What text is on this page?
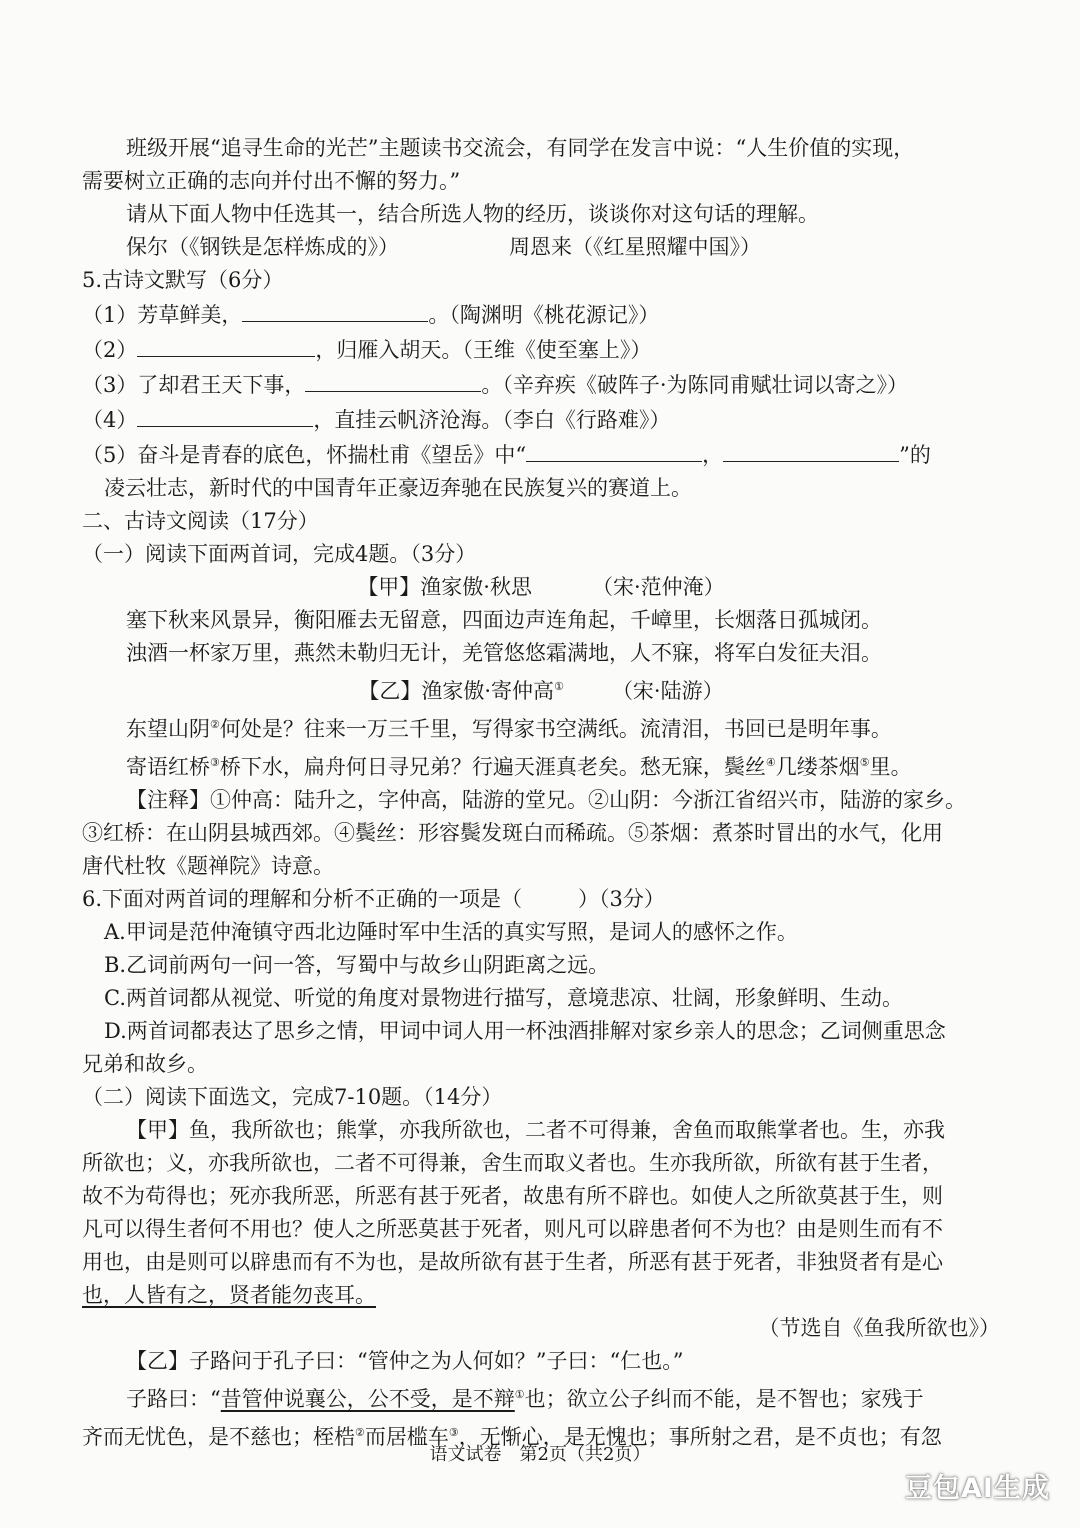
班级开展“追寻生命的光芒”主题读书交流会，有同学在发言中说：“人生价值的实现，
需要树立正确的志向并付出不懈的努力。”
请从下面人物中任选其一，结合所选人物的经历，谈谈你对这句话的理解。
保尔（《钢铁是怎样炼成的》）	周恩来（《红星照耀中国》）
5.古诗文默写（6分）
（1）芳草鲜美，	。（陶渊明《桃花源记》）
（2）	，归雁入胡天。（王维《使至塞上》）
（3）了却君王天下事，	。（辛弃疾《破阵子·为陈同甫赋壮词以寄之》）
（4）	，直挂云帆济沧海。（李白《行路难》）
（5）奋斗是青春的底色，怀揣杜甫《望岳》中“	，	”的
凌云壮志，新时代的中国青年正豪迈奔驰在民族复兴的赛道上。
二、古诗文阅读（17分）
（一）阅读下面两首词，完成4题。（3分）
【甲】渔家傲·秋思	（宋·范仲淹）
塞下秋来风景异，衡阳雁去无留意，四面边声连角起，千嶂里，长烟落日孤城闭。
浊酒一杯家万里，燕然未勒归无计，羌管悠悠霜满地，人不寐，将军白发征夫泪。
【乙】渔家傲·寄仲高① （宋·陆游）
东望山阴②何处是？往来一万三千里，写得家书空满纸。流清泪，书回已是明年事。
寄语红桥③桥下水，扁舟何日寻兄弟？行遍天涯真老矣。愁无寐，鬓丝④几缕茶烟⑤里。
【注释】①仲高：陆升之，字仲高，陆游的堂兄。②山阴：今浙江省绍兴市，陆游的家乡。
③红桥：在山阴县城西郊。④鬓丝：形容鬓发斑白而稀疏。⑤茶烟：煮茶时冒出的水气，化用
唐代杜牧《题禅院》诗意。
6.下面对两首词的理解和分析不正确的一项是（	）（3分）
A.甲词是范仲淹镇守西北边陲时军中生活的真实写照，是词人的感怀之作。
B.乙词前两句一问一答，写蜀中与故乡山阴距离之远。
C.两首词都从视觉、听觉的角度对景物进行描写，意境悲凉、壮阔，形象鲜明、生动。
D.两首词都表达了思乡之情，甲词中词人用一杯浊酒排解对家乡亲人的思念；乙词侧重思念
兄弟和故乡。
（二）阅读下面选文，完成7-10题。（14分）
【甲】鱼，我所欲也；熊掌，亦我所欲也，二者不可得兼，舍鱼而取熊掌者也。生，亦我
所欲也；义，亦我所欲也，二者不可得兼，舍生而取义者也。生亦我所欲，所欲有甚于生者，
故不为苟得也；死亦我所恶，所恶有甚于死者，故患有所不辟也。如使人之所欲莫甚于生，则
凡可以得生者何不用也？使人之所恶莫甚于死者，则凡可以辟患者何不为也？由是则生而有不
用也，由是则可以辟患而有不为也，是故所欲有甚于生者，所恶有甚于死者，非独贤者有是心
也，人皆有之，贤者能勿丧耳。
（节选自《鱼我所欲也》）
【乙】子路问于孔子曰：“管仲之为人何如？”子曰：“仁也。”
子路曰：“昔管仲说襄公，公不受，是不辩①也；欲立公子纠而不能，是不智也；家残于
齐而无忧色，是不慈也；桎梏②而居槛车③，无惭心，是无愧也；事所射之君，是不贞也；有忽
语文试卷　第2页（共2页）
豆包AI生成
